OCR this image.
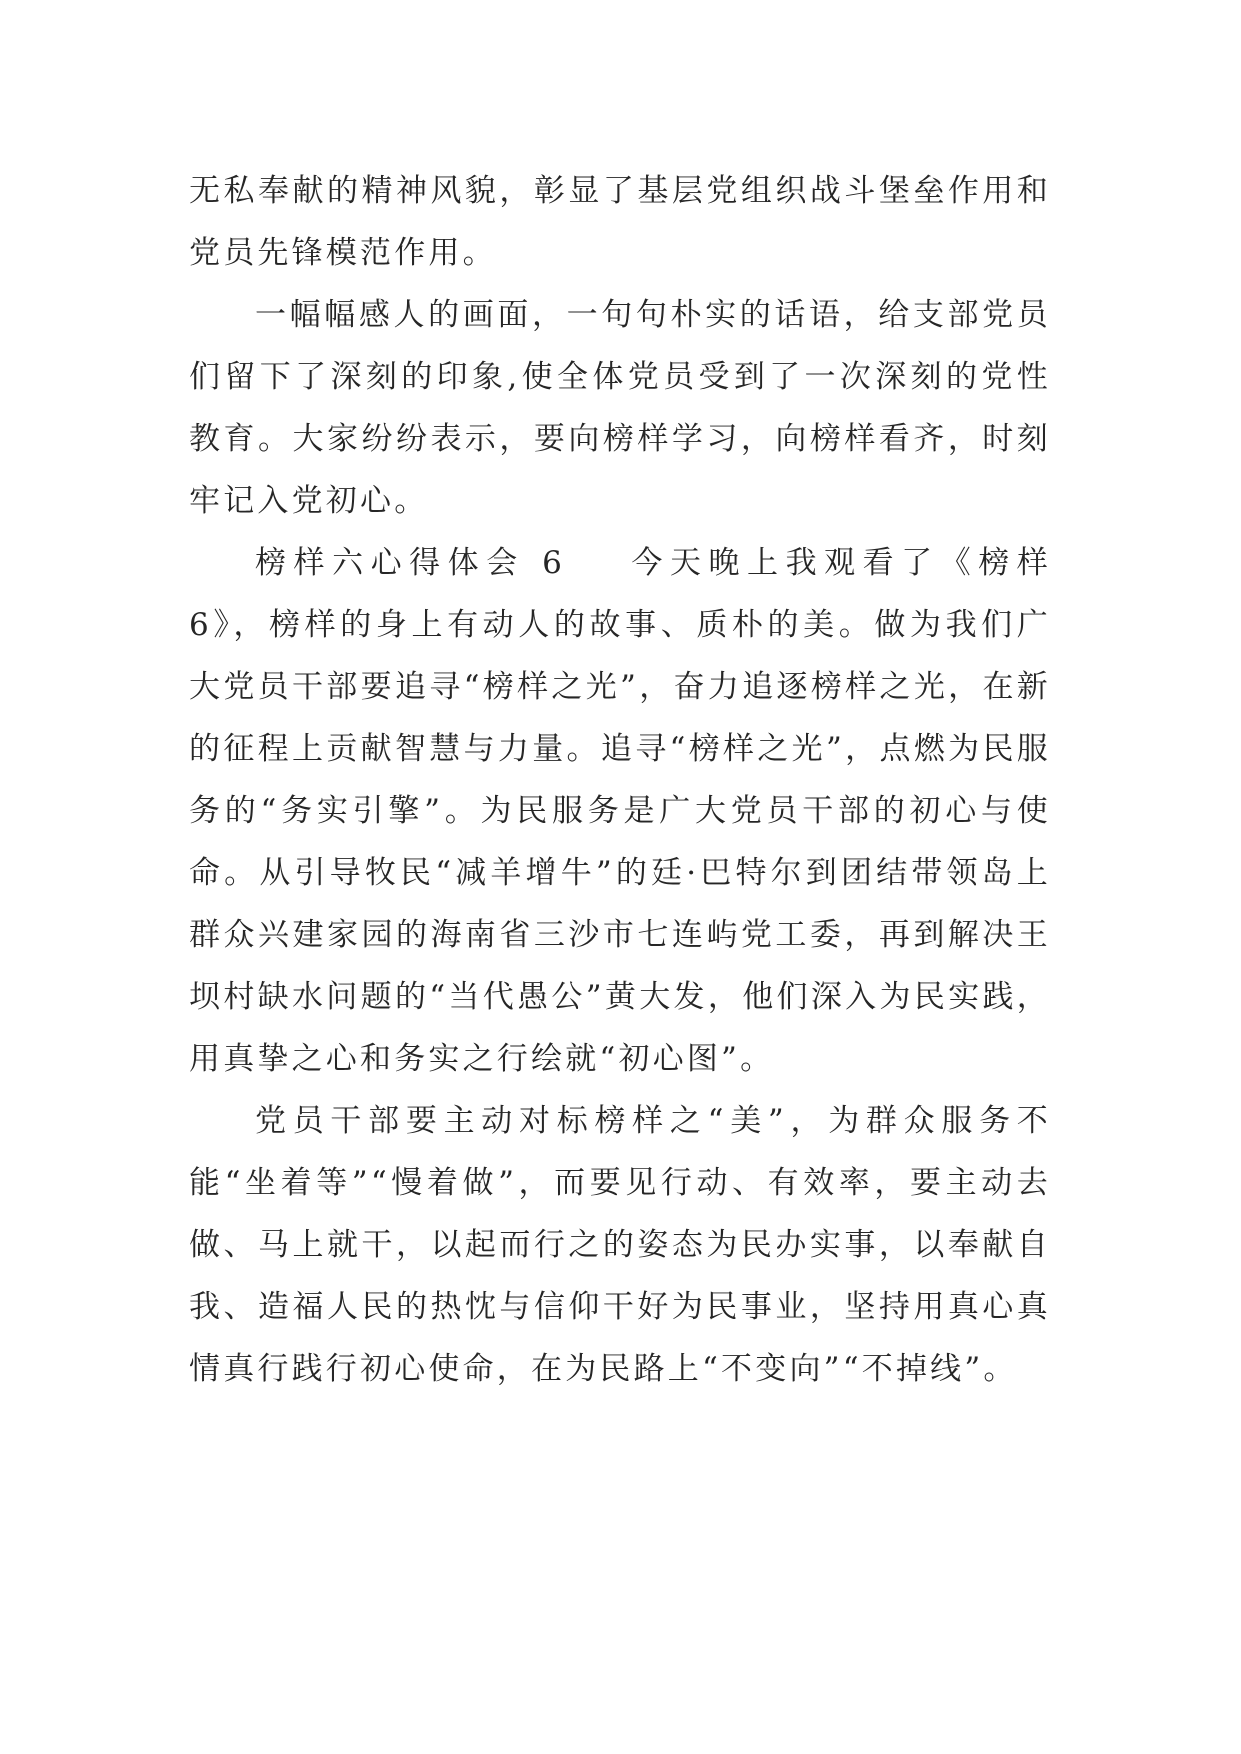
无私奉献的精神风貌，彰显了基层党组织战斗堡垒作用和党员先锋模范作用。

一幅幅感人的画面，一句句朴实的话语，给支部党员们留下了深刻的印象,使全体党员受到了一次深刻的党性教育。大家纷纷表示，要向榜样学习，向榜样看齐，时刻牢记入党初心。

榜样六心得体会 6 今天晚上我观看了《榜样 6》，榜样的身上有动人的故事、质朴的美。做为我们广大党员干部要追寻“榜样之光”，奋力追逐榜样之光，在新的征程上贡献智慧与力量。追寻“榜样之光”，点燃为民服务的“务实引擎”。为民服务是广大党员干部的初心与使命。从引导牧民“减羊增牛”的廷·巴特尔到团结带领岛上群众兴建家园的海南省三沙市七连屿党工委，再到解决王坝村缺水问题的“当代愚公”黄大发，他们深入为民实践，用真挚之心和务实之行绘就“初心图”。

党员干部要主动对标榜样之“美”，为群众服务不能“坐着等”“慢着做”，而要见行动、有效率，要主动去做、马上就干，以起而行之的姿态为民办实事，以奉献自我、造福人民的热忱与信仰干好为民事业，坚持用真心真情真行践行初心使命，在为民路上“不变向”“不掉线”。
